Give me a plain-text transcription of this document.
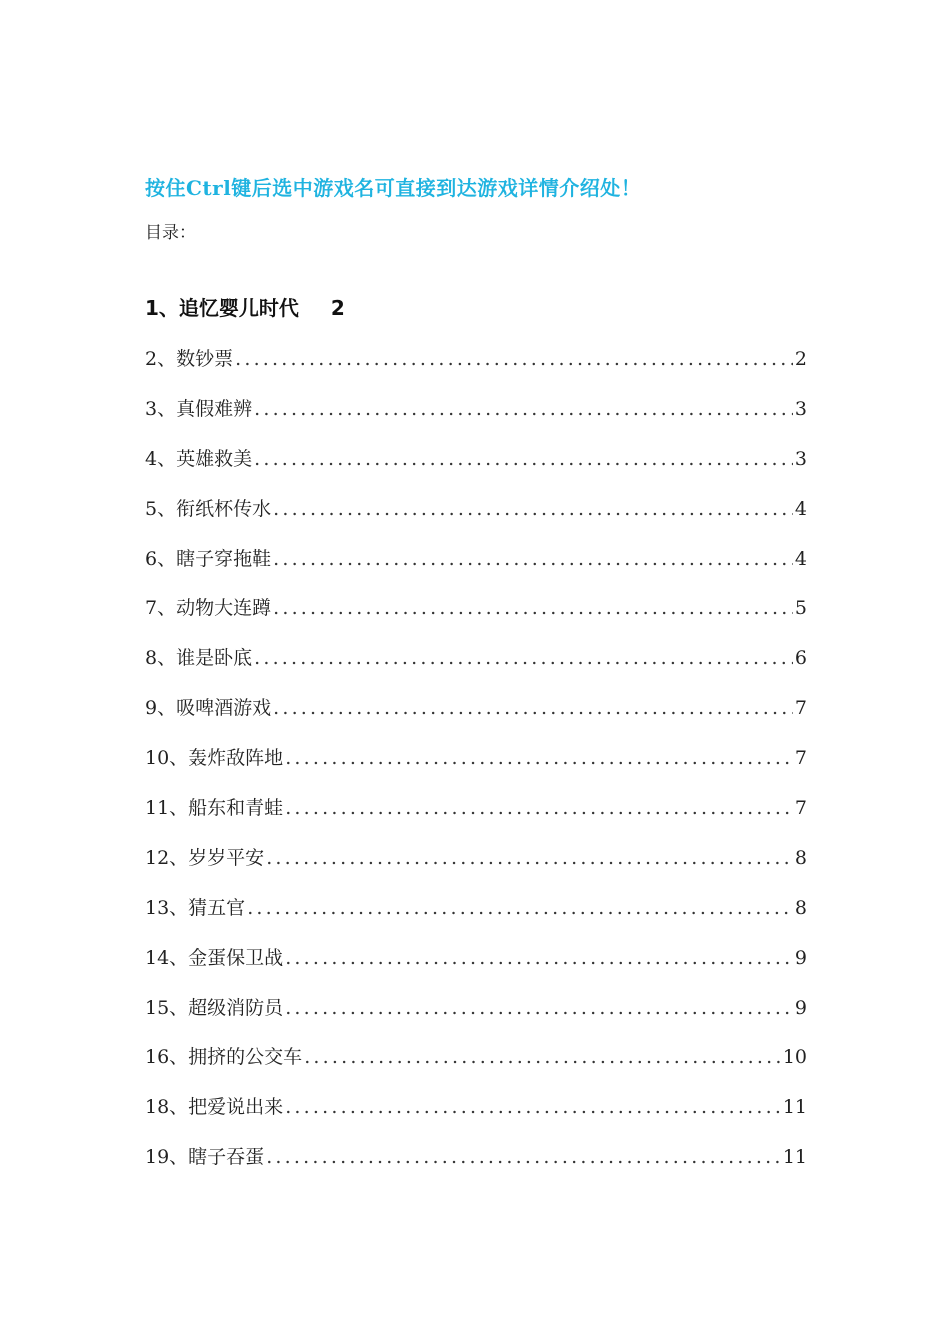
按住Ctrl键后选中游戏名可直接到达游戏详情介绍处！
目录：
1、追忆婴儿时代 2
2、数钞票 .....	2
3、真假难辨 .....	3
4、英雄救美 .....	3
5、衔纸杯传水 .....	4
6、瞎子穿拖鞋 .....	4
7、动物大连蹲 .....	5
8、谁是卧底 .....	6
9、吸啤酒游戏 .....	7
10、轰炸敌阵地 .....	7
11、船东和青蛙 .....	7
12、岁岁平安 .....	8
13、猜五官 .....	8
14、金蛋保卫战 .....	9
15、超级消防员 .....	9
16、拥挤的公交车 .....	10
18、把爱说出来 .....	11
19、瞎子吞蛋 .....	11
